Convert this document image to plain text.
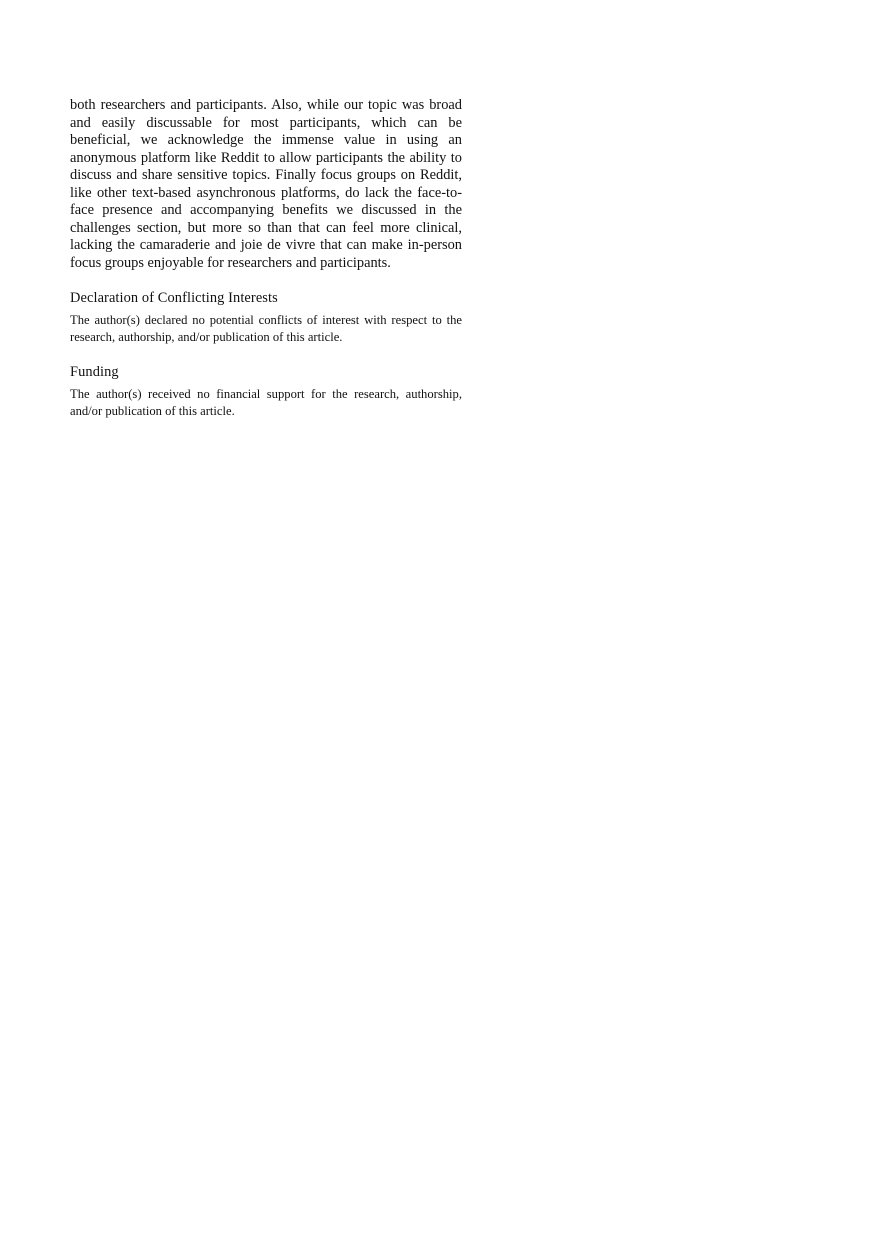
both researchers and participants. Also, while our topic was broad and easily discussable for most participants, which can be beneficial, we acknowledge the immense value in using an anonymous platform like Reddit to allow participants the ability to discuss and share sensitive topics. Finally focus groups on Reddit, like other text-based asynchronous platforms, do lack the face-to-face presence and accompanying benefits we discussed in the challenges section, but more so than that can feel more clinical, lacking the camaraderie and joie de vivre that can make in-person focus groups enjoyable for researchers and participants.

Declaration of Conflicting Interests

The author(s) declared no potential conflicts of interest with respect to the research, authorship, and/or publication of this article.

Funding

The author(s) received no financial support for the research, authorship, and/or publication of this article.
